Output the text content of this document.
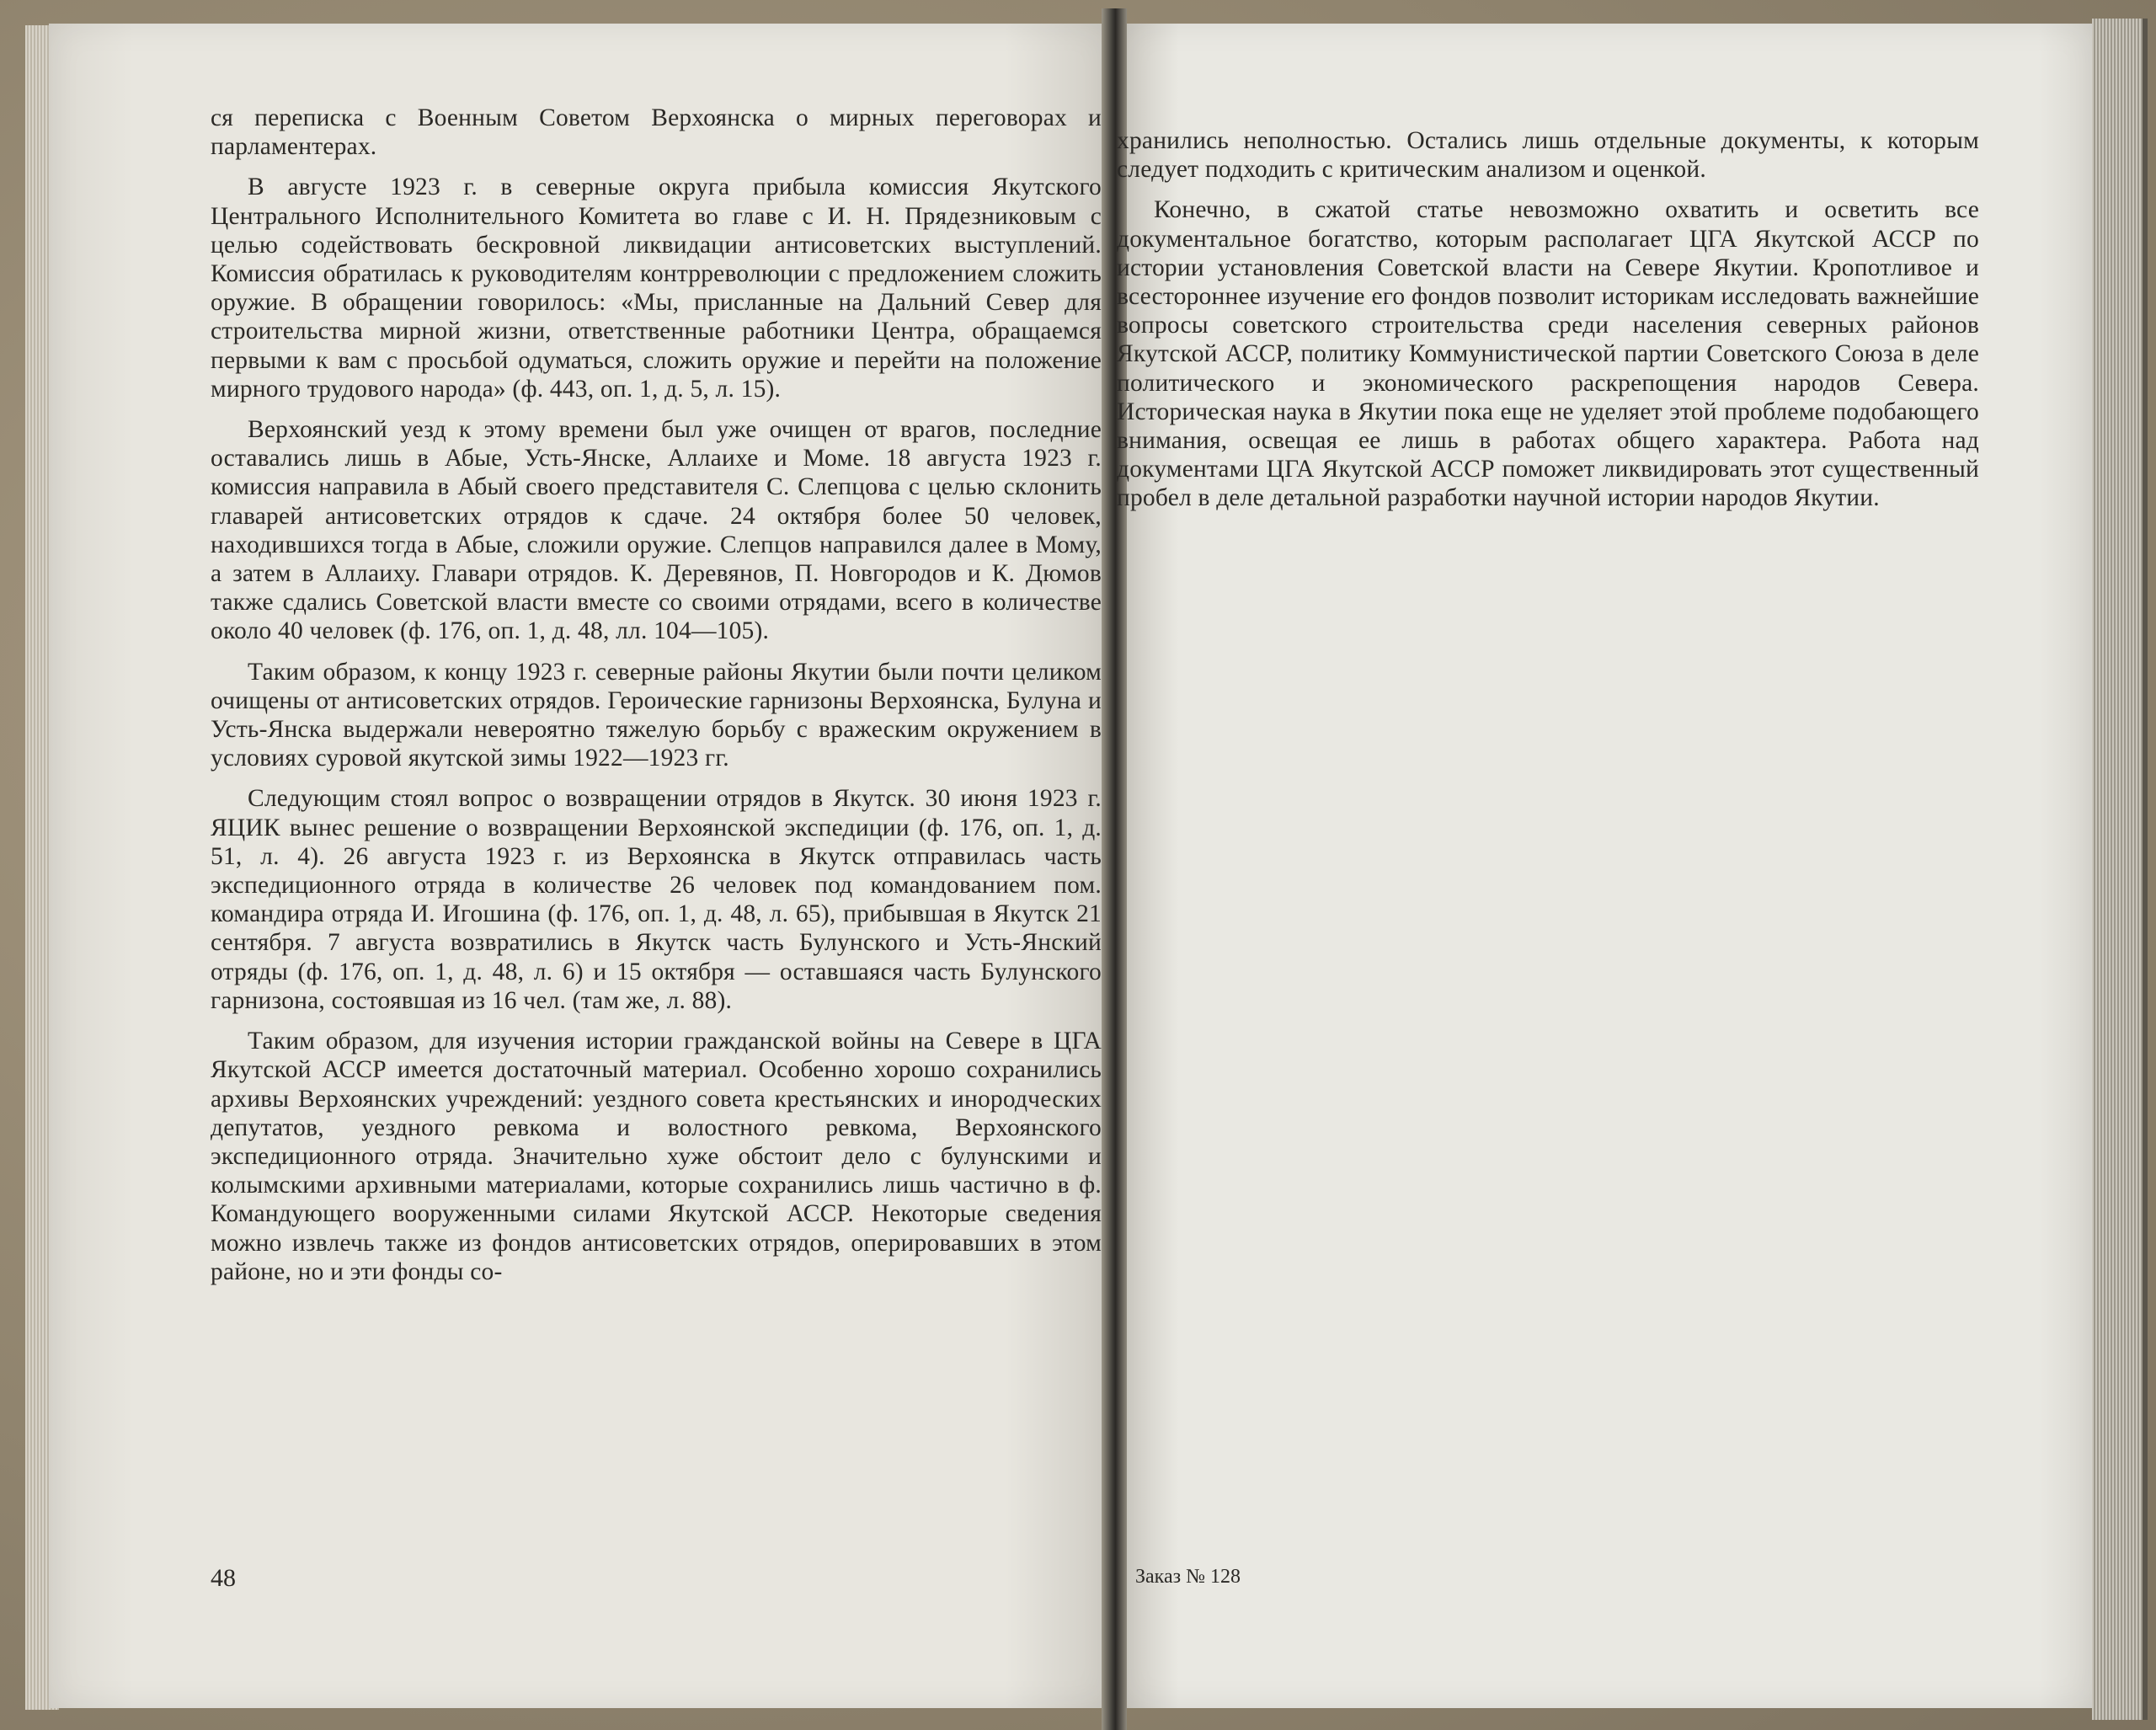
ся переписка с Военным Советом Верхоянска о мирных переговорах и парламентерах.

В августе 1923 г. в северные округа прибыла комиссия Якутского Центрального Исполнительного Комитета во главе с И. Н. Прядезниковым с целью содействовать бескровной ликвидации антисоветских выступлений. Комиссия обратилась к руководителям контрреволюции с предложением сложить оружие. В обращении говорилось: «Мы, присланные на Дальний Север для строительства мирной жизни, ответственные работники Центра, обращаемся первыми к вам с просьбой одуматься, сложить оружие и перейти на положение мирного трудового народа» (ф. 443, оп. 1, д. 5, л. 15).

Верхоянский уезд к этому времени был уже очищен от врагов, последние оставались лишь в Абые, Усть-Янске, Аллаихе и Моме. 18 августа 1923 г. комиссия направила в Абый своего представителя С. Слепцова с целью склонить главарей антисоветских отрядов к сдаче. 24 октября более 50 человек, находившихся тогда в Абые, сложили оружие. Слепцов направился далее в Мому, а затем в Аллаиху. Главари отрядов. К. Деревянов, П. Новгородов и К. Дюмов также сдались Советской власти вместе со своими отрядами, всего в количестве около 40 человек (ф. 176, оп. 1, д. 48, лл. 104—105).

Таким образом, к концу 1923 г. северные районы Якутии были почти целиком очищены от антисоветских отрядов. Героические гарнизоны Верхоянска, Булуна и Усть-Янска выдержали невероятно тяжелую борьбу с вражеским окружением в условиях суровой якутской зимы 1922—1923 гг.

Следующим стоял вопрос о возвращении отрядов в Якутск. 30 июня 1923 г. ЯЦИК вынес решение о возвращении Верхоянской экспедиции (ф. 176, оп. 1, д. 51, л. 4). 26 августа 1923 г. из Верхоянска в Якутск отправилась часть экспедиционного отряда в количестве 26 человек под командованием пом. командира отряда И. Игошина (ф. 176, оп. 1, д. 48, л. 65), прибывшая в Якутск 21 сентября. 7 августа возвратились в Якутск часть Булунского и Усть-Янский отряды (ф. 176, оп. 1, д. 48, л. 6) и 15 октября — оставшаяся часть Булунского гарнизона, состоявшая из 16 чел. (там же, л. 88).

Таким образом, для изучения истории гражданской войны на Севере в ЦГА Якутской АССР имеется достаточный материал. Особенно хорошо сохранились архивы Верхоянских учреждений: уездного совета крестьянских и инородческих депутатов, уездного ревкома и волостного ревкома, Верхоянского экспедиционного отряда. Значительно хуже обстоит дело с булунскими и колымскими архивными материалами, которые сохранились лишь частично в ф. Командующего вооруженными силами Якутской АССР. Некоторые сведения можно извлечь также из фондов антисоветских отрядов, оперировавших в этом районе, но и эти фонды со-

48

хранились неполностью. Остались лишь отдельные документы, к которым следует подходить с критическим анализом и оценкой.

Конечно, в сжатой статье невозможно охватить и осветить все документальное богатство, которым располагает ЦГА Якутской АССР по истории установления Советской власти на Севере Якутии. Кропотливое и всестороннее изучение его фондов позволит историкам исследовать важнейшие вопросы советского строительства среди населения северных районов Якутской АССР, политику Коммунистической партии Советского Союза в деле политического и экономического раскрепощения народов Севера. Историческая наука в Якутии пока еще не уделяет этой проблеме подобающего внимания, освещая ее лишь в работах общего характера. Работа над документами ЦГА Якутской АССР поможет ликвидировать этот существенный пробел в деле детальной разработки научной истории народов Якутии.

Заказ № 128
